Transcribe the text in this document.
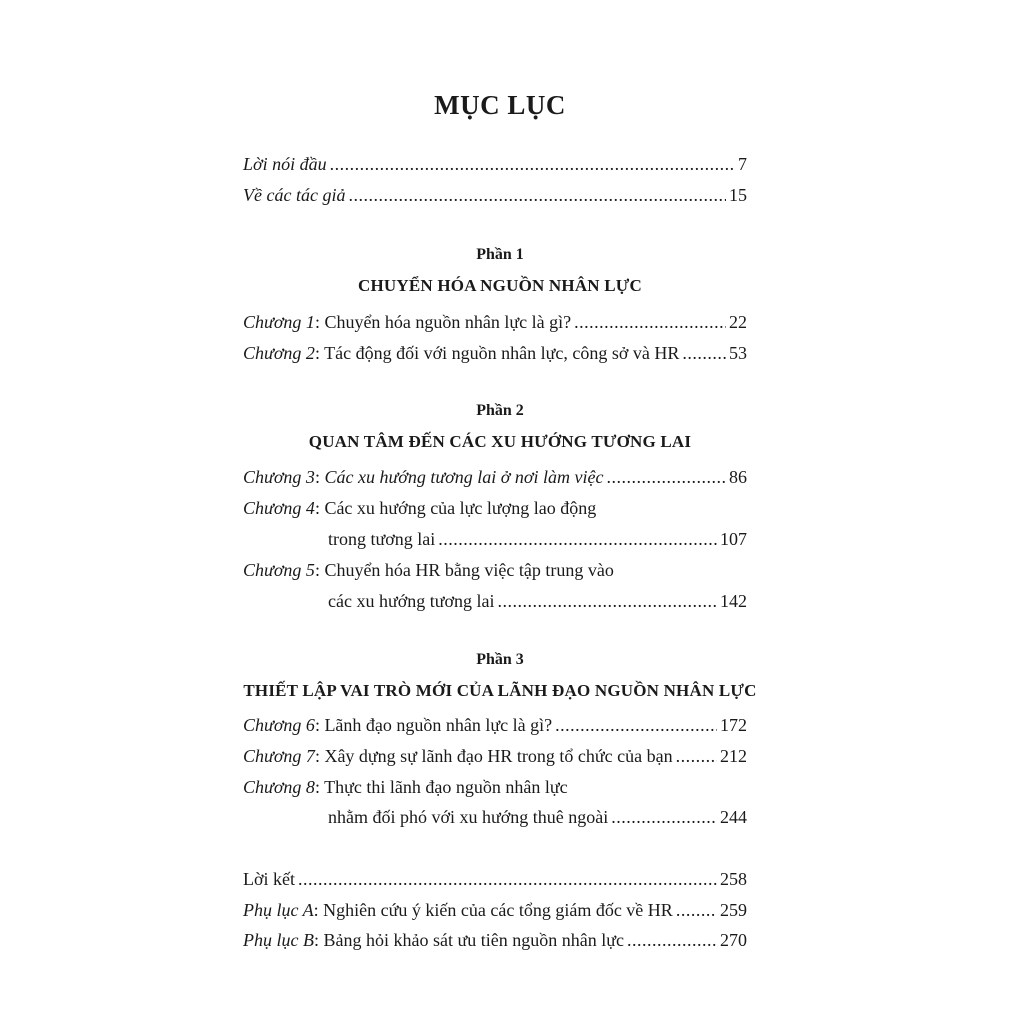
MỤC LỤC
Lời nói đầu .....	7
Về các tác giả .....	15
Phần 1
CHUYỂN HÓA NGUỒN NHÂN LỰC
Chương 1 : Chuyển hóa nguồn nhân lực là gì? .....	22
Chương 2 : Tác động đối với nguồn nhân lực, công sở và HR .....	53
Phần 2
QUAN TÂM ĐẾN CÁC XU HƯỚNG TƯƠNG LAI
Chương 3 : Các xu hướng tương lai ở nơi làm việc .....	86
Chương 4: Các xu hướng của lực lượng lao động
trong tương lai .....	107
Chương 5: Chuyển hóa HR bằng việc tập trung vào
các xu hướng tương lai .....	142
Phần 3
THIẾT LẬP VAI TRÒ MỚI CỦA LÃNH ĐẠO NGUỒN NHÂN LỰC
Chương 6 : Lãnh đạo nguồn nhân lực là gì? .....	172
Chương 7 : Xây dựng sự lãnh đạo HR trong tổ chức của bạn .....	212
Chương 8: Thực thi lãnh đạo nguồn nhân lực
nhằm đối phó với xu hướng thuê ngoài .....	244
Lời kết .....	258
Phụ lục A : Nghiên cứu ý kiến của các tổng giám đốc về HR .....	259
Phụ lục B : Bảng hỏi khảo sát ưu tiên nguồn nhân lực .....	270
